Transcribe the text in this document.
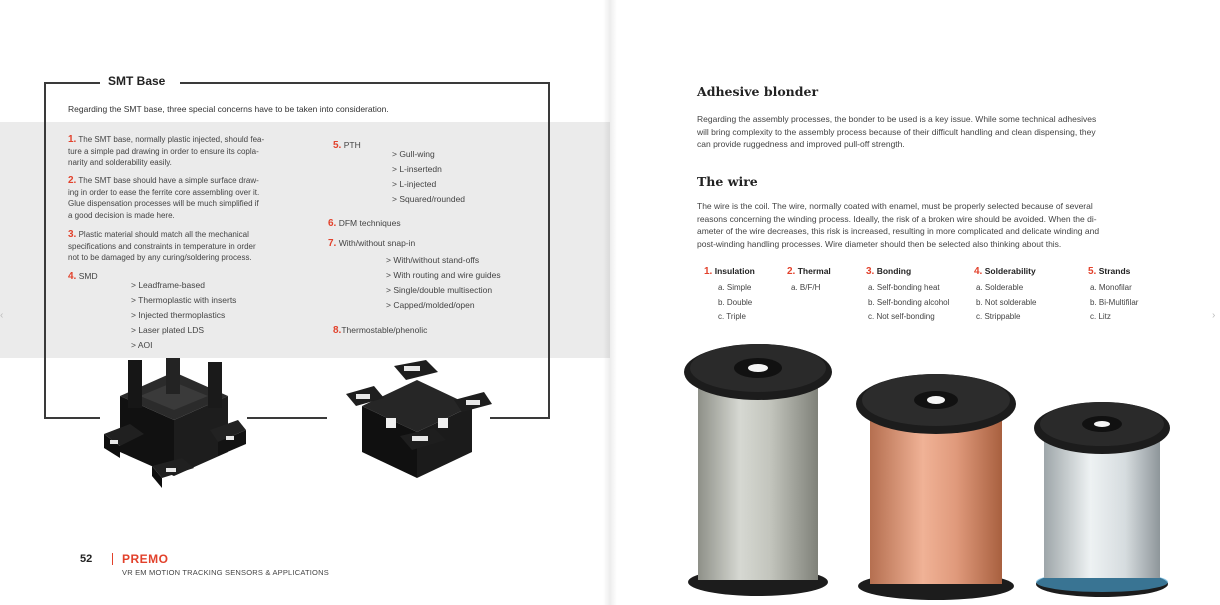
SMT Base
Regarding the SMT base, three special concerns have to be taken into consideration.

1. The SMT base, normally plastic injected, should fea-

ture a simple pad drawing in order to ensure its copla-

narity and solderability easily.

2. The SMT base should have a simple surface draw-

ing in order to ease the ferrite core assembling over it.

Glue dispensation processes will be much simplified if

a good decision is made here.

3. Plastic material should match all the mechanical

specifications and constraints in temperature in order

not to be damaged by any curing/soldering process.

4. SMD
> Leadframe-based
> Thermoplastic with inserts
> Injected thermoplastics
> Laser plated LDS
> AOI
5. PTH
> Gull-wing
> L-insertedn
> L-injected
> Squared/rounded
6. DFM techniques
7. With/without snap-in
> With/without stand-offs
> With routing and wire guides
> Single/double multisection
> Capped/molded/open
8.Thermostable/phenolic
52 PREMO
VR EM MOTION TRACKING SENSORS & APPLICATIONS
Adhesive blonder
Regarding the assembly processes, the bonder to be used is a key issue. While some technical adhesives
will bring complexity to the assembly process because of their difficult handling and clean dispensing, they
can provide ruggedness and improved pull-off strength.
The wire
The wire is the coil. The wire, normally coated with enamel, must be properly selected because of several
reasons concerning the winding process. Ideally, the risk of a broken wire should be avoided. When the di-
ameter of the wire decreases, this risk is increased, resulting in more complicated and delicate winding and
post-winding handling processes. Wire diameter should then be selected also thinking about this.
1. Insulation
a. Simple
b. Double
c. Triple
2. Thermal
a. B/F/H
3. Bonding
a. Self-bonding heat
b. Self-bonding alcohol
c. Not self-bonding
4. Solderability
a. Solderable
b. Not solderable
c. Strippable
5. Strands
a. Monofilar
b. Bi-Multifilar
c. Litz
‹	›
